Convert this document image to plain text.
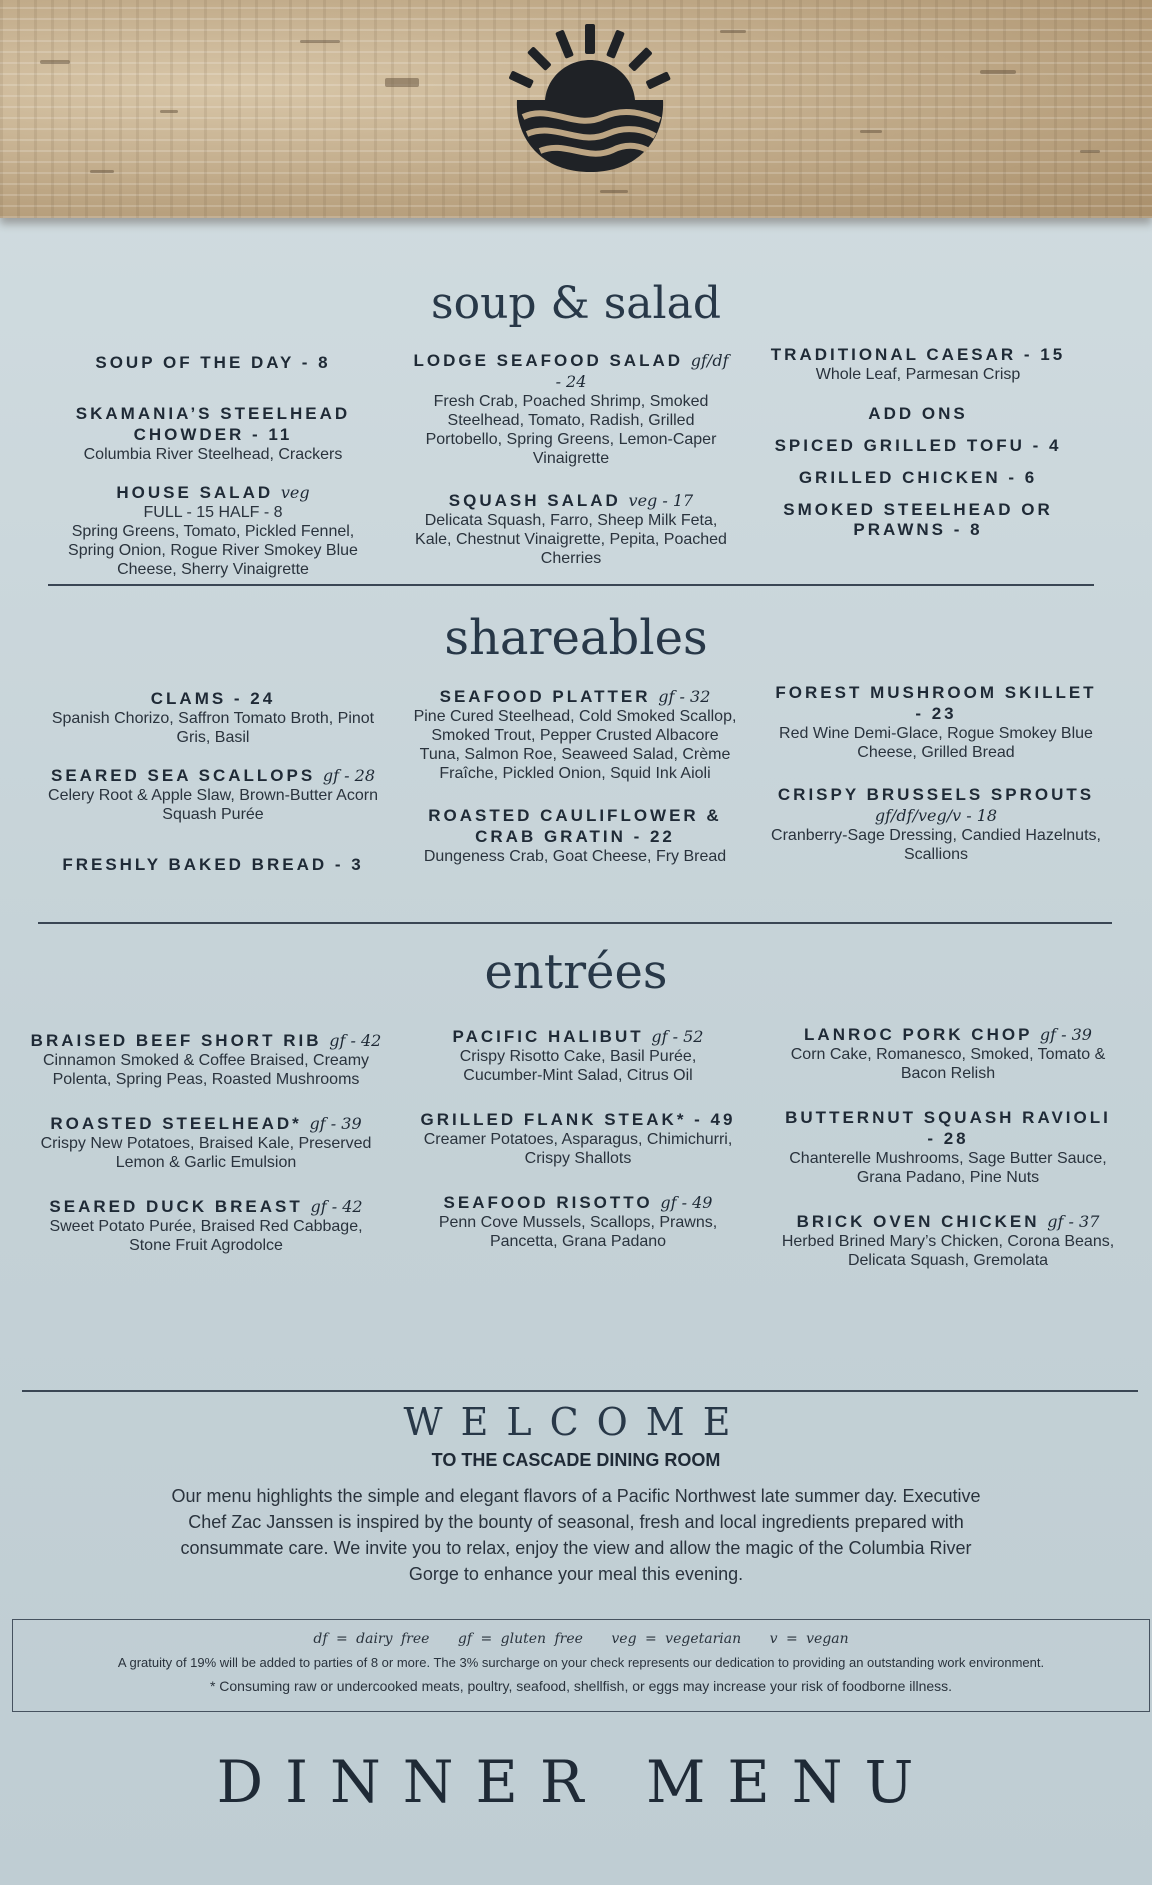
soup & salad
SOUP OF THE DAY - 8
SKAMANIA’S STEELHEAD CHOWDER - 11
Columbia River Steelhead, Crackers
HOUSE SALAD veg
FULL - 15 HALF - 8
Spring Greens, Tomato, Pickled Fennel, Spring Onion, Rogue River Smokey Blue Cheese, Sherry Vinaigrette
LODGE SEAFOOD SALAD gf/df - 24
Fresh Crab, Poached Shrimp, Smoked Steelhead, Tomato, Radish, Grilled Portobello, Spring Greens, Lemon-Caper Vinaigrette
SQUASH SALAD veg - 17
Delicata Squash, Farro, Sheep Milk Feta, Kale, Chestnut Vinaigrette, Pepita, Poached Cherries
TRADITIONAL CAESAR - 15
Whole Leaf, Parmesan Crisp
ADD ONS
SPICED GRILLED TOFU - 4
GRILLED CHICKEN - 6
SMOKED STEELHEAD OR PRAWNS - 8
shareables
CLAMS - 24
Spanish Chorizo, Saffron Tomato Broth, Pinot Gris, Basil
SEARED SEA SCALLOPS gf - 28
Celery Root & Apple Slaw, Brown-Butter Acorn Squash Purée
FRESHLY BAKED BREAD - 3
SEAFOOD PLATTER gf - 32
Pine Cured Steelhead, Cold Smoked Scallop, Smoked Trout, Pepper Crusted Albacore Tuna, Salmon Roe, Seaweed Salad, Crème Fraîche, Pickled Onion, Squid Ink Aioli
ROASTED CAULIFLOWER & CRAB GRATIN - 22
Dungeness Crab, Goat Cheese, Fry Bread
FOREST MUSHROOM SKILLET - 23
Red Wine Demi-Glace, Rogue Smokey Blue Cheese, Grilled Bread
CRISPY BRUSSELS SPROUTS gf/df/veg/v - 18
Cranberry-Sage Dressing, Candied Hazelnuts, Scallions
entrées
BRAISED BEEF SHORT RIB gf - 42
Cinnamon Smoked & Coffee Braised, Creamy Polenta, Spring Peas, Roasted Mushrooms
ROASTED STEELHEAD* gf - 39
Crispy New Potatoes, Braised Kale, Preserved Lemon & Garlic Emulsion
SEARED DUCK BREAST gf - 42
Sweet Potato Purée, Braised Red Cabbage, Stone Fruit Agrodolce
PACIFIC HALIBUT gf - 52
Crispy Risotto Cake, Basil Purée, Cucumber-Mint Salad, Citrus Oil
GRILLED FLANK STEAK* - 49
Creamer Potatoes, Asparagus, Chimichurri, Crispy Shallots
SEAFOOD RISOTTO gf - 49
Penn Cove Mussels, Scallops, Prawns, Pancetta, Grana Padano
LANROC PORK CHOP gf - 39
Corn Cake, Romanesco, Smoked, Tomato & Bacon Relish
BUTTERNUT SQUASH RAVIOLI - 28
Chanterelle Mushrooms, Sage Butter Sauce, Grana Padano, Pine Nuts
BRICK OVEN CHICKEN gf - 37
Herbed Brined Mary’s Chicken, Corona Beans, Delicata Squash, Gremolata
WELCOME
TO THE CASCADE DINING ROOM
Our menu highlights the simple and elegant flavors of a Pacific Northwest late summer day. Executive Chef Zac Janssen is inspired by the bounty of seasonal, fresh and local ingredients prepared with consummate care. We invite you to relax, enjoy the view and allow the magic of the Columbia River Gorge to enhance your meal this evening.
df = dairy free gf = gluten free veg = vegetarian v = vegan
A gratuity of 19% will be added to parties of 8 or more. The 3% surcharge on your check represents our dedication to providing an outstanding work environment.
* Consuming raw or undercooked meats, poultry, seafood, shellfish, or eggs may increase your risk of foodborne illness.
DINNER MENU
